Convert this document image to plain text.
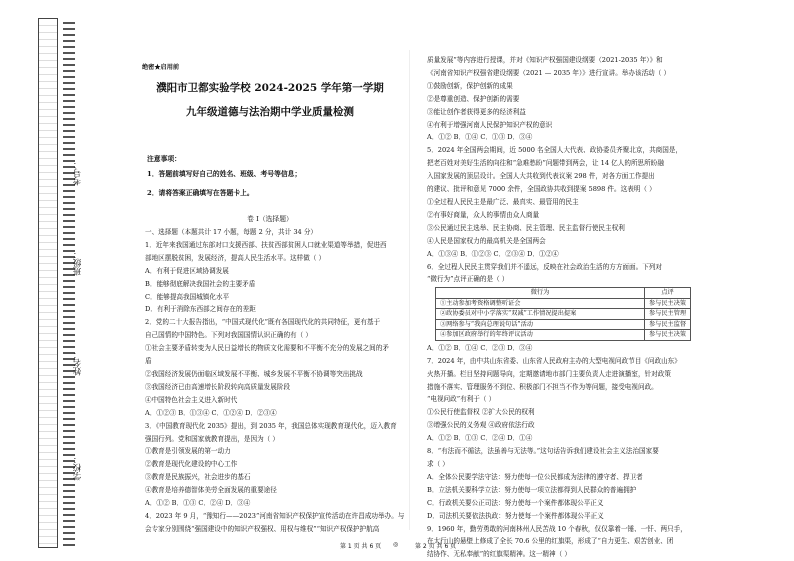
学校：
姓名：
班级：
考号：
绝密★启用前
濮阳市卫都实验学校 2024-2025 学年第一学期
九年级道德与法治期中学业质量检测
注意事项：
1．答题前填写好自己的姓名、班级、考号等信息；
2．请将答案正确填写在答题卡上。
卷 I（选择题）

一、选择题（本题共计 17 小题，每题 2 分，共计 34 分）

1．近年来我国通过东部对口支援西部、扶贫西部贫困人口就业渠道等举措，促进西

部地区摆脱贫困，发展经济，提高人民生活水平。这样做（ ）

A．有利于促进区域协调发展

B．能够彻底解决我国社会的主要矛盾

C．能够提高我国城镇化水平

D．有利于消除东西部之间存在的差距

2．党的二十大报告指出，“中国式现代化”既有各国现代化的共同特征，更有基于

自己国情的中国特色。下列对我国国情认识正确的有（ ）

①社会主要矛盾转变为人民日益增长的物质文化需要和不平衡不充分的发展之间的矛

盾

②我国经济发展仍面临区域发展不平衡、城乡发展不平衡不协调等突出挑战

③我国经济已由高速增长阶段转向高质量发展阶段

④中国特色社会主义进入新时代

A．①②③ B．①③④ C．①②④ D．②③④

3．《中国教育现代化 2035》提出，到 2035 年，我国总体实现教育现代化，迈入教育

强国行列。党和国家就教育提出，是因为（ ）

①教育是引领发展的第一动力

②教育是现代化建设的中心工作

③教育是民族振兴，社会进步的基石

④教育是培养德智体美劳全面发展的重要途径

A．①② B．①③ C．②④ D．③④

4．2023 年 9 月，“豫知行——2023”河南省知识产权保护宣传活动在许昌成功举办。与

会专家分别围绕“强国建设中的知识产权强权、用权与维权”“知识产权保护护航高

质量发展”等内容进行授课，并对《知识产权强国建设纲要（2021-2035 年）》和

《河南省知识产权强省建设纲要（2021 — 2035 年）》进行宣讲。举办该活动（ ）

①鼓励创新，保护创新的成果

②是尊重创造、保护创新的需要

③能让创作者获得更多的经济利益

④有利于增强河南人民保护知识产权的意识

A．①② B．①④ C．①③ D．③④

5．2024 年全国两会期间，近 5000 名全国人大代表、政协委员齐聚北京，共商国是，

把老百姓对美好生活的向往和“急难愁盼”问题带到两会，让 14 亿人的所思所盼融

入国家发展的顶层设计。全国人大共收到代表议案 298 件，对各方面工作提出

的建议、批评和意见 7000 余件，全国政协共收到提案 5898 件。这表明（ ）

①全过程人民民主是最广泛、最真实、最管用的民主

②有事好商量，众人的事情由众人商量

③公民通过民主选举、民主协商、民主管理、民主监督行使民主权利

④人民是国家权力的最高机关是全国两会

A．①③④ B．①②③ C．②③④ D．①②④

6．全过程人民民主贯穿我们并不遥远，反映在社会政治生活的方方面面。下列对

“微行为”点评正确的是（ ）

微行为	点评
①主动参加考资格调整听证会	参与民主决策
②政协委员对中小学落实“双减”工作情况提出提案	参与民主管理
③网络参与“我向总理说句话”活动	参与民主监督
④参加区政府举行的年终评议活动	参与民主决策

A．①② B．①④ C．②③ D．③④

7．2024 年，由中共山东省委、山东省人民政府主办的大型电视问政节目《问政山东》

火热开播。栏目坚持问题导向，定期邀请地市部门主要负责人走进演播室，针对政策

措施不落实、管理服务不到位、积极部门不担当不作为等问题，接受电视问政。

“电视问政”有利于（ ）

①公民行使监督权 ②扩大公民的权利

③增强公民的义务观 ④政府依法行政

A．①② B．①③ C．②④ D．①④

8．“有法而不循法，法虽善与无法等。”这句话告诉我们建设社会主义法治国家要

求（ ）

A．全体公民要学法守法：努力使每一位公民都成为法律的遵守者、捍卫者

B．立法机关要科学立法：努力使每一项立法都得到人民群众的普遍拥护

C．行政机关要公正司法：努力使每一个案件都体现公平正义

D．司法机关要依法执政：努力使每一个案件都体现公平正义

9．1960 年，勤劳勇敢的河南林州人民苦战 10 个春秋，仅仅靠着一锤、一钎、两只手，

在太行山的悬壁上修成了全长 70.6 公里的红旗渠，形成了“自力更生、艰苦创业、团

结协作、无私奉献”的红旗渠精神。这一精神（ ）

第 1 页 共 6 页 ◎	第 2 页 共 6 页
